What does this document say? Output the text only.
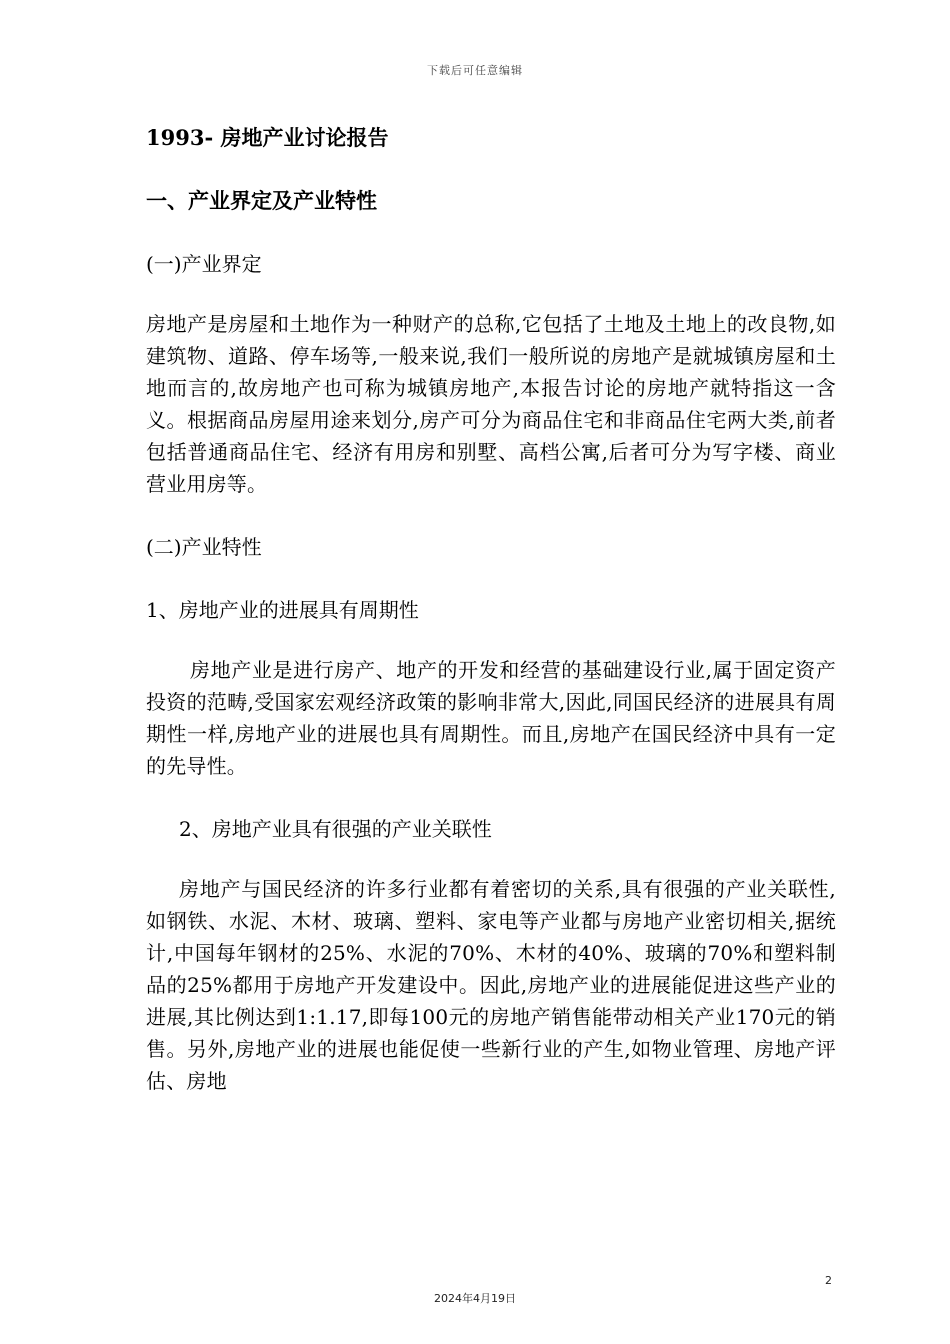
下载后可任意编辑

1993- 房地产业讨论报告

一、产业界定及产业特性

(一)产业界定

房地产是房屋和土地作为一种财产的总称,它包括了土地及土地上的改良物,如建筑物、道路、停车场等,一般来说,我们一般所说的房地产是就城镇房屋和土地而言的,故房地产也可称为城镇房地产,本报告讨论的房地产就特指这一含义。根据商品房屋用途来划分,房产可分为商品住宅和非商品住宅两大类,前者包括普通商品住宅、经济有用房和别墅、高档公寓,后者可分为写字楼、商业营业用房等。

(二)产业特性

1、房地产业的进展具有周期性

房地产业是进行房产、地产的开发和经营的基础建设行业,属于固定资产投资的范畴,受国家宏观经济政策的影响非常大,因此,同国民经济的进展具有周期性一样,房地产业的进展也具有周期性。而且,房地产在国民经济中具有一定的先导性。

2、房地产业具有很强的产业关联性

房地产与国民经济的许多行业都有着密切的关系,具有很强的产业关联性,如钢铁、水泥、木材、玻璃、塑料、家电等产业都与房地产业密切相关,据统计,中国每年钢材的25%、水泥的70%、木材的40%、玻璃的70%和塑料制品的25%都用于房地产开发建设中。因此,房地产业的进展能促进这些产业的进展,其比例达到1:1.17,即每100元的房地产销售能带动相关产业170元的销售。另外,房地产业的进展也能促使一些新行业的产生,如物业管理、房地产评估、房地

2
2024年4月19日
